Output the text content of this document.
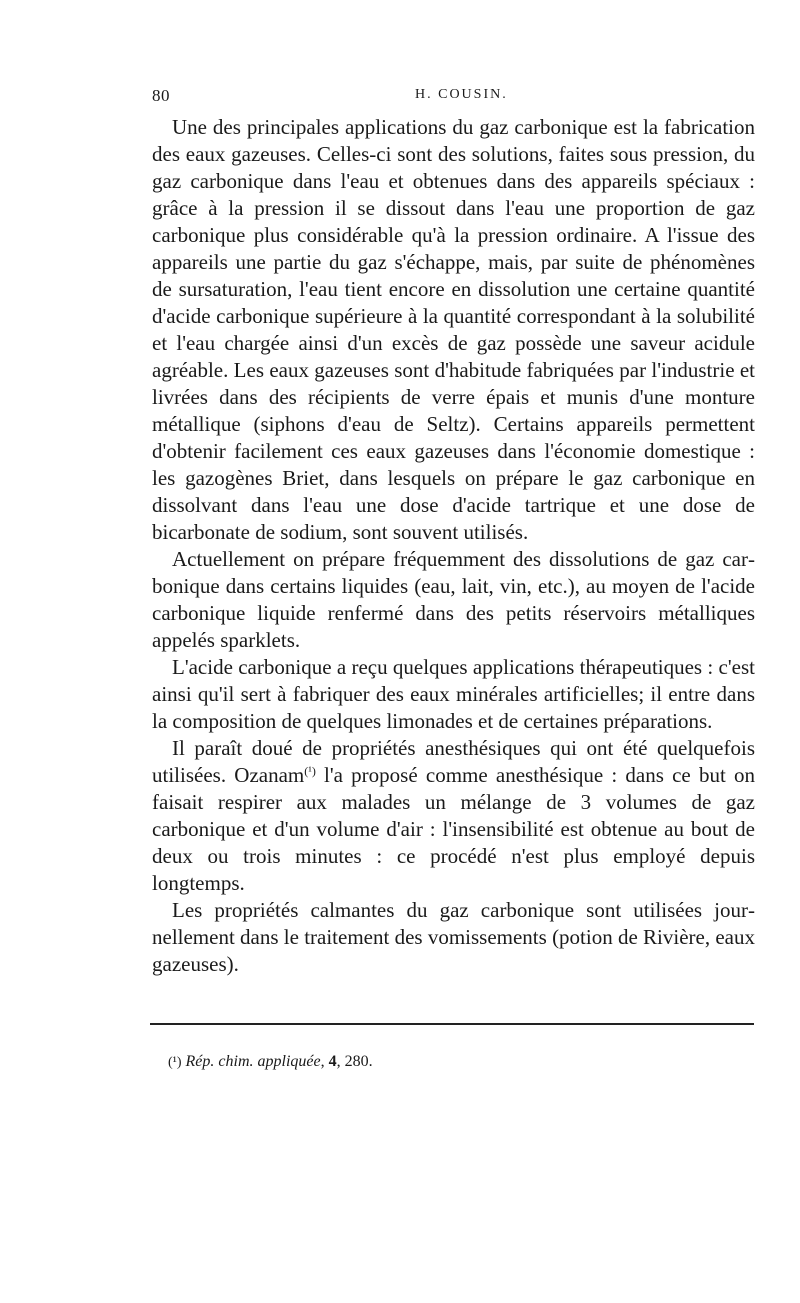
80	H. COUSIN.

Une des principales applications du gaz carbonique est la fabrication des eaux gazeuses. Celles-ci sont des solutions, faites sous pression, du gaz carbonique dans l'eau et obtenues dans des appareils spéciaux : grâce à la pression il se dissout dans l'eau une proportion de gaz carbonique plus considérable qu'à la pression ordinaire. A l'issue des appareils une partie du gaz s'échappe, mais, par suite de phénomènes de sursaturation, l'eau tient encore en dissolution une certaine quantité d'acide carbonique supérieure à la quantité correspondant à la solubilité et l'eau chargée ainsi d'un excès de gaz possède une saveur acidule agréable. Les eaux gazeuses sont d'habitude fabriquées par l'industrie et livrées dans des récipients de verre épais et munis d'une monture métallique (siphons d'eau de Seltz). Certains appareils permettent d'obtenir facilement ces eaux gazeuses dans l'économie domestique : les gazogènes Briet, dans lesquels on prépare le gaz carbonique en dissolvant dans l'eau une dose d'acide tartrique et une dose de bicarbonate de sodium, sont souvent utilisés.

Actuellement on prépare fréquemment des dissolutions de gaz carbonique dans certains liquides (eau, lait, vin, etc.), au moyen de l'acide carbonique liquide renfermé dans des petits réservoirs métalliques appelés sparklets.

L'acide carbonique a reçu quelques applications thérapeutiques : c'est ainsi qu'il sert à fabriquer des eaux minérales artificielles; il entre dans la composition de quelques limonades et de certaines préparations.

Il paraît doué de propriétés anesthésiques qui ont été quelquefois utilisées. Ozanam$^{(^1)}$ l'a proposé comme anesthésique : dans ce but on faisait respirer aux malades un mélange de 3 volumes de gaz carbonique et d'un volume d'air : l'insensibilité est obtenue au bout de deux ou trois minutes : ce procédé n'est plus employé depuis longtemps.

Les propriétés calmantes du gaz carbonique sont utilisées journellement dans le traitement des vomissements (potion de Rivière, eaux gazeuses).

(¹) Rép. chim. appliquée, 4, 280.
